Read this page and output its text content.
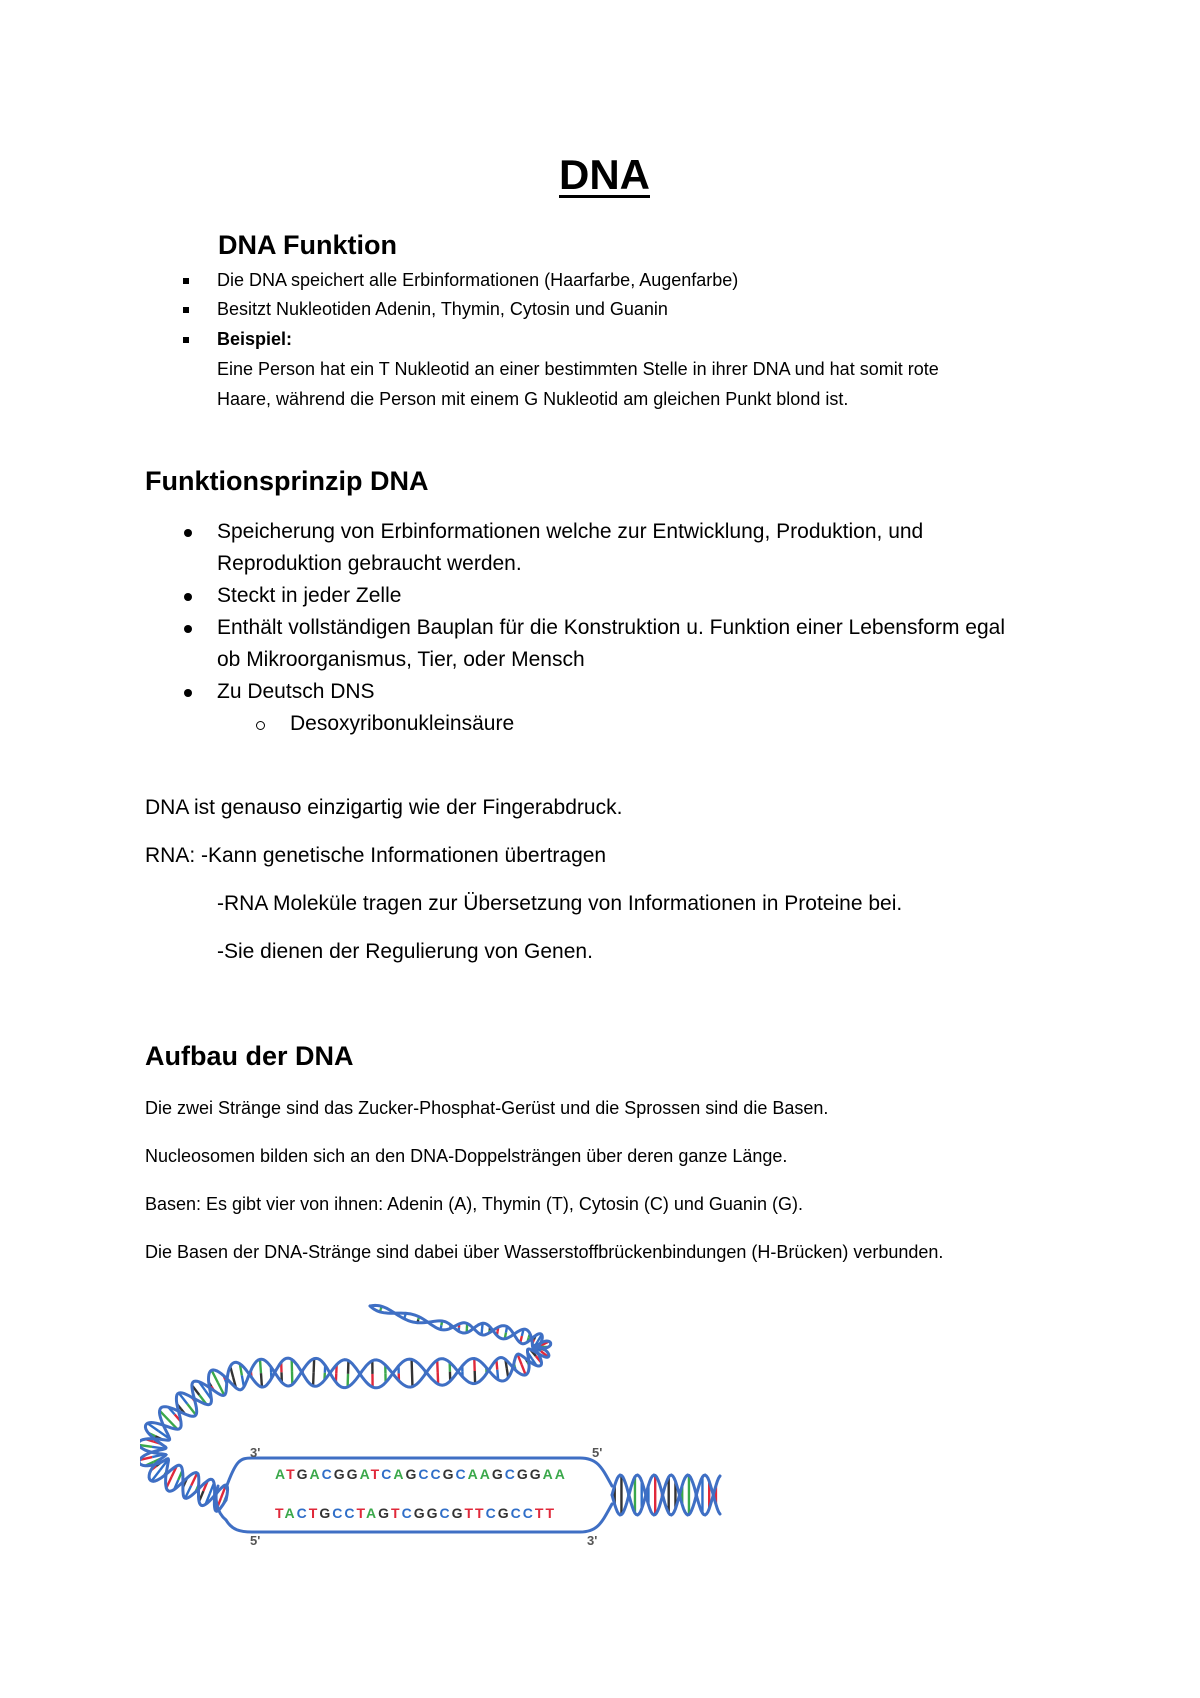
DNA
DNA Funktion
Die DNA speichert alle Erbinformationen (Haarfarbe, Augenfarbe)
Besitzt Nukleotiden Adenin, Thymin, Cytosin und Guanin
Beispiel:
Eine Person hat ein T Nukleotid an einer bestimmten Stelle in ihrer DNA und hat somit rote
Haare, während die Person mit einem G Nukleotid am gleichen Punkt blond ist.
Funktionsprinzip DNA
Speicherung von Erbinformationen welche zur Entwicklung, Produktion, und
Reproduktion gebraucht werden.
Steckt in jeder Zelle
Enthält vollständigen Bauplan für die Konstruktion u. Funktion einer Lebensform egal
ob Mikroorganismus, Tier, oder Mensch
Zu Deutsch DNS
Desoxyribonukleinsäure
DNA ist genauso einzigartig wie der Fingerabdruck.
RNA: -Kann genetische Informationen übertragen
-RNA Moleküle tragen zur Übersetzung von Informationen in Proteine bei.
-Sie dienen der Regulierung von Genen.
Aufbau der DNA
Die zwei Stränge sind das Zucker-Phosphat-Gerüst und die Sprossen sind die Basen.
Nucleosomen bilden sich an den DNA-Doppelsträngen über deren ganze Länge.
Basen: Es gibt vier von ihnen: Adenin (A), Thymin (T), Cytosin (C) und Guanin (G).
Die Basen der DNA-Stränge sind dabei über Wasserstoffbrückenbindungen (H-Brücken) verbunden.
ATGACGGATCAGCCGCAAGCGGAA
TACTGCCTAGTCGGCGTTCGCCTT
3'	5'
5'	3'
